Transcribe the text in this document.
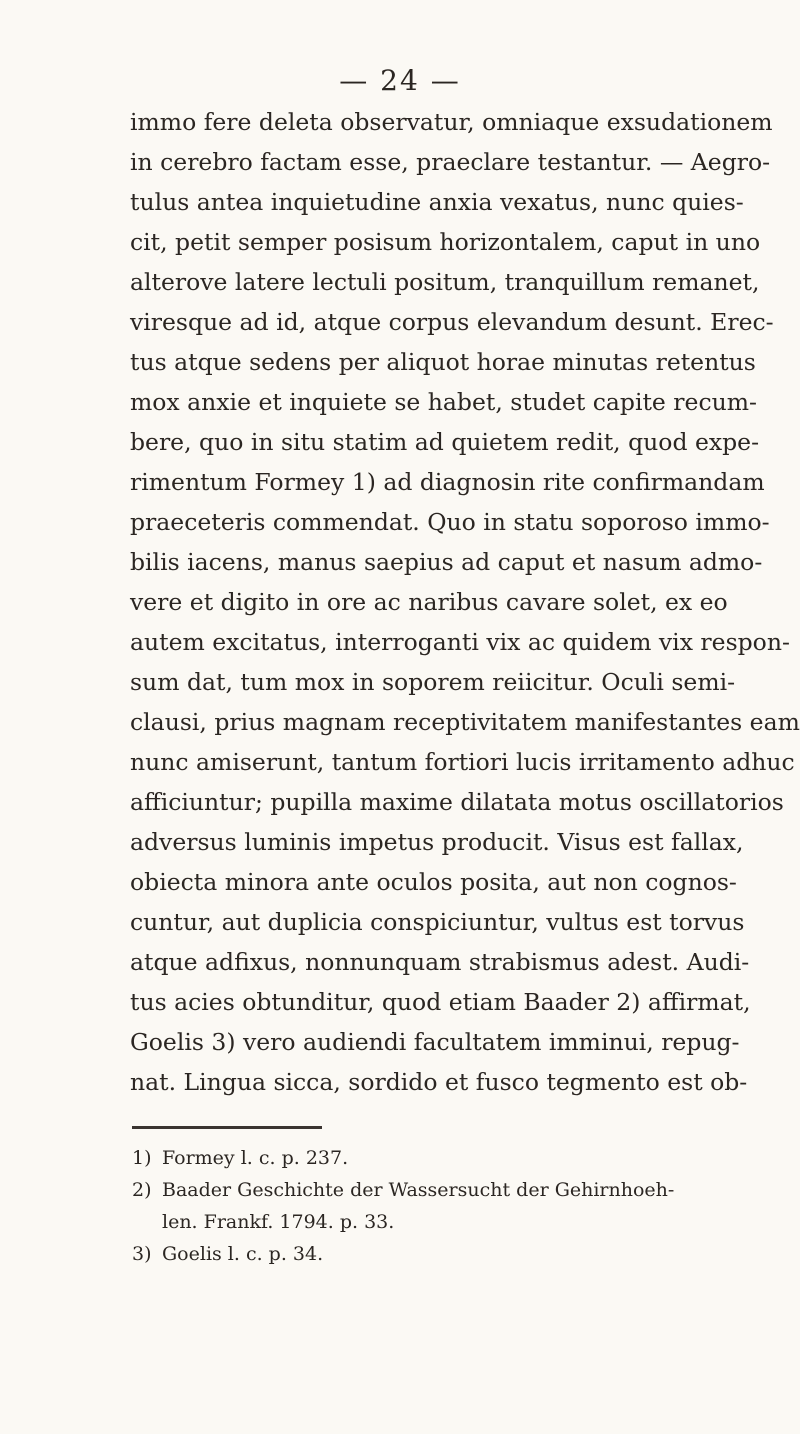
— 24 —
immo fere deleta observatur, omniaque exsudationem
in cerebro factam esse, praeclare testantur. — Aegro-
tulus antea inquietudine anxia vexatus, nunc quies-
cit, petit semper posisum horizontalem, caput in uno
alterove latere lectuli positum, tranquillum remanet,
viresque ad id, atque corpus elevandum desunt. Erec-
tus atque sedens per aliquot horae minutas retentus
mox anxie et inquiete se habet, studet capite recum-
bere, quo in situ statim ad quietem redit, quod expe-
rimentum Formey 1) ad diagnosin rite confirmandam
praeceteris commendat. Quo in statu soporoso immo-
bilis iacens, manus saepius ad caput et nasum admo-
vere et digito in ore ac naribus cavare solet, ex eo
autem excitatus, interroganti vix ac quidem vix respon-
sum dat, tum mox in soporem reiicitur. Oculi semi-
clausi, prius magnam receptivitatem manifestantes eam
nunc amiserunt, tantum fortiori lucis irritamento adhuc
afficiuntur; pupilla maxime dilatata motus oscillatorios
adversus luminis impetus producit. Visus est fallax,
obiecta minora ante oculos posita, aut non cognos-
cuntur, aut duplicia conspiciuntur, vultus est torvus
atque adfixus, nonnunquam strabismus adest. Audi-
tus acies obtunditur, quod etiam Baader 2) affirmat,
Goelis 3) vero audiendi facultatem imminui, repug-
nat. Lingua sicca, sordido et fusco tegmento est ob-
1) Formey l. c. p. 237.
2) Baader Geschichte der Wassersucht der Gehirnhoeh-
len. Frankf. 1794. p. 33.
3) Goelis l. c. p. 34.
